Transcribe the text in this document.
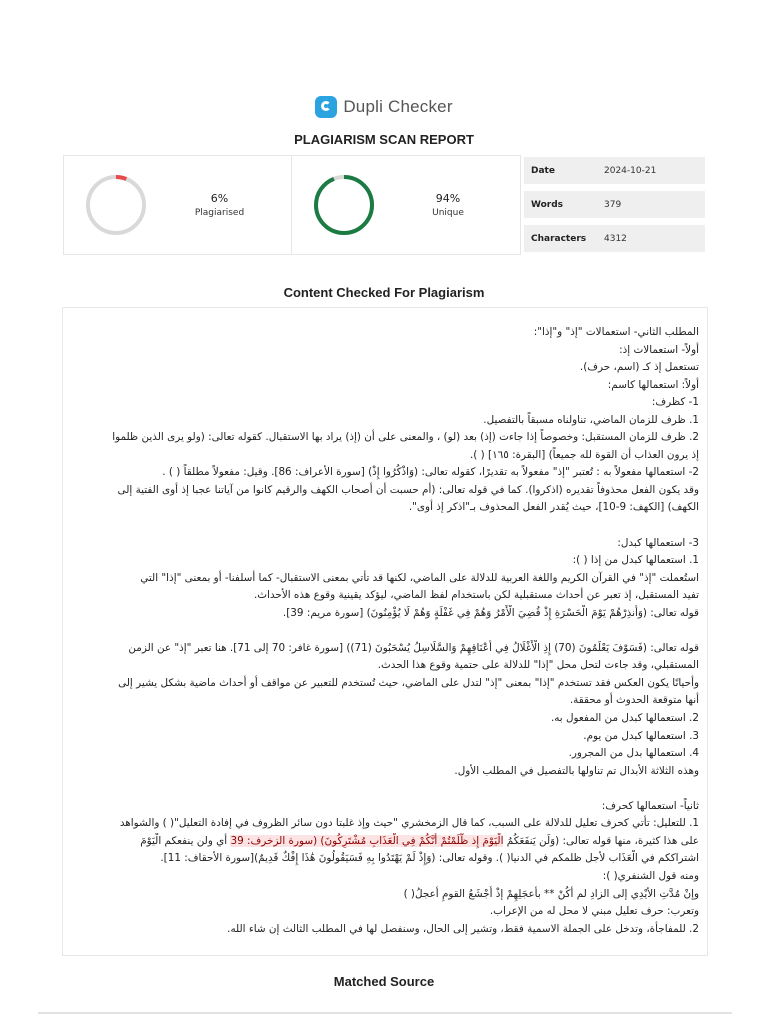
Dupli Checker
PLAGIARISM SCAN REPORT
6%
Plagiarised
94%
Unique
Date	2024-10-21
Words	379
Characters	4312
Content Checked For Plagiarism
المطلب الثاني- استعمالات "إذ" و"إذا":
أولاً- استعمالات إذ:
تستعمل إذ كـ (اسم، حرف).
أولاً: استعمالها كاسم:
1- كظرف:
1. ظرف للزمان الماضي، تناولناه مسبقاً بالتفصيل.
2. ظرف للزمان المستقبل: وخصوصاً إذا جاءت (إذ) بعد (لو) ، والمعنى على أن (إذ) يراد بها الاستقبال. كقوله تعالى: (ولو يرى الذين ظلموا
إذ يرون العذاب أن القوة لله جميعاً) [البقرة: ١٦٥] ( ).
2- استعمالها مفعولاً به : تُعتبر "إذ" مفعولاً به تقديرًا، كقوله تعالى: (وَاذْكُرُوا إِذْ) [سورة الأعراف: 86]. وقيل: مفعولاً مطلقاً ( ) .
وقد يكون الفعل محذوفاً تقديره (اذكروا). كما في قوله تعالى: (أم حسبت أن أصحاب الكهف والرقيم كانوا من آياتنا عجبا إذ أوى الفتية إلى
الكهف) [الكهف: 9-10]، حيث يُقدر الفعل المحذوف بـ"اذكر إذ أوى".
3- استعمالها كبدل:
1. استعمالها كبدل من إذا ( ):
استُعملت "إذ" في القرآن الكريم واللغة العربية للدلالة على الماضي، لكنها قد تأتي بمعنى الاستقبال- كما أسلفنا- أو بمعنى "إذا" التي
تفيد المستقبل، إذ تعبر عن أحداث مستقبلية لكن باستخدام لفظ الماضي، ليؤكد يقينية وقوع هذه الأحداث.
قوله تعالى: (وَأَنذِرْهُمْ يَوْمَ الْحَسْرَةِ إِذْ قُضِيَ الْأَمْرُ وَهُمْ فِي غَفْلَةٍ وَهُمْ لَا يُؤْمِنُونَ) [سورة مريم: 39].
قوله تعالى: (فَسَوْفَ يَعْلَمُونَ (70) إِذِ الْأَغْلَالُ فِي أَعْنَاقِهِمْ وَالسَّلَاسِلُ يُسْحَبُونَ (71)) [سورة غافر: 70 إلى 71]. هنا تعبر "إذ" عن الزمن
المستقبلي، وقد جاءت لتحل محل "إذا" للدلالة على حتمية وقوع هذا الحدث.
وأحيانًا يكون العكس فقد تستخدم "إذا" بمعنى "إذ" لتدل على الماضي، حيث تُستخدم للتعبير عن مواقف أو أحداث ماضية بشكل يشير إلى
أنها متوقعة الحدوث أو محققة.
2. استعمالها كبدل من المفعول به.
3. استعمالها كبدل من يوم.
4. استعمالها بدل من المجرور.
وهذه الثلاثة الأبدال تم تناولها بالتفصيل في المطلب الأول.
ثانياً- استعمالها كحرف:
1. للتعليل: تأتي كحرف تعليل للدلالة على السبب، كما قال الزمخشري "حيث وإذ غلبتا دون سائر الظروف في إفادة التعليل"( ) والشواهد
على هذا كثيرة، منها قوله تعالى: (وَلَن يَنفَعَكُمُ الْيَوْمَ إِذ ظَّلَمْتُمْ أَنَّكُمْ فِي الْعَذَابِ مُشْتَرِكُونَ) (سورة الزخرف: 39 أي ولن ينفعكم الْيَوْمَ
اشتراككم في الْعَذَاب لأجل ظلمكم في الدنيا( ). وقوله تعالى: (وَإِذْ لَمْ يَهْتَدُوا بِهِ فَسَيَقُولُونَ هَٰذَا إِفْكٌ قَدِيمٌ)[سورة الأحقاف: 11].
ومنه قول الشنفري( ):
وإنْ مُدَّتِ الأيْدِي إلى الزادِ لم أكُنْ ** بأعجَلِهِمْ إذْ أَجْشَعُ القومِ أعجلُ( )
وتعرب: حرف تعليل مبني لا محل له من الإعراب.
2. للمفاجأة، وتدخل على الجملة الاسمية فقط، وتشير إلى الحال، وسنفصل لها في المطلب الثالث إن شاء الله.
Matched Source
